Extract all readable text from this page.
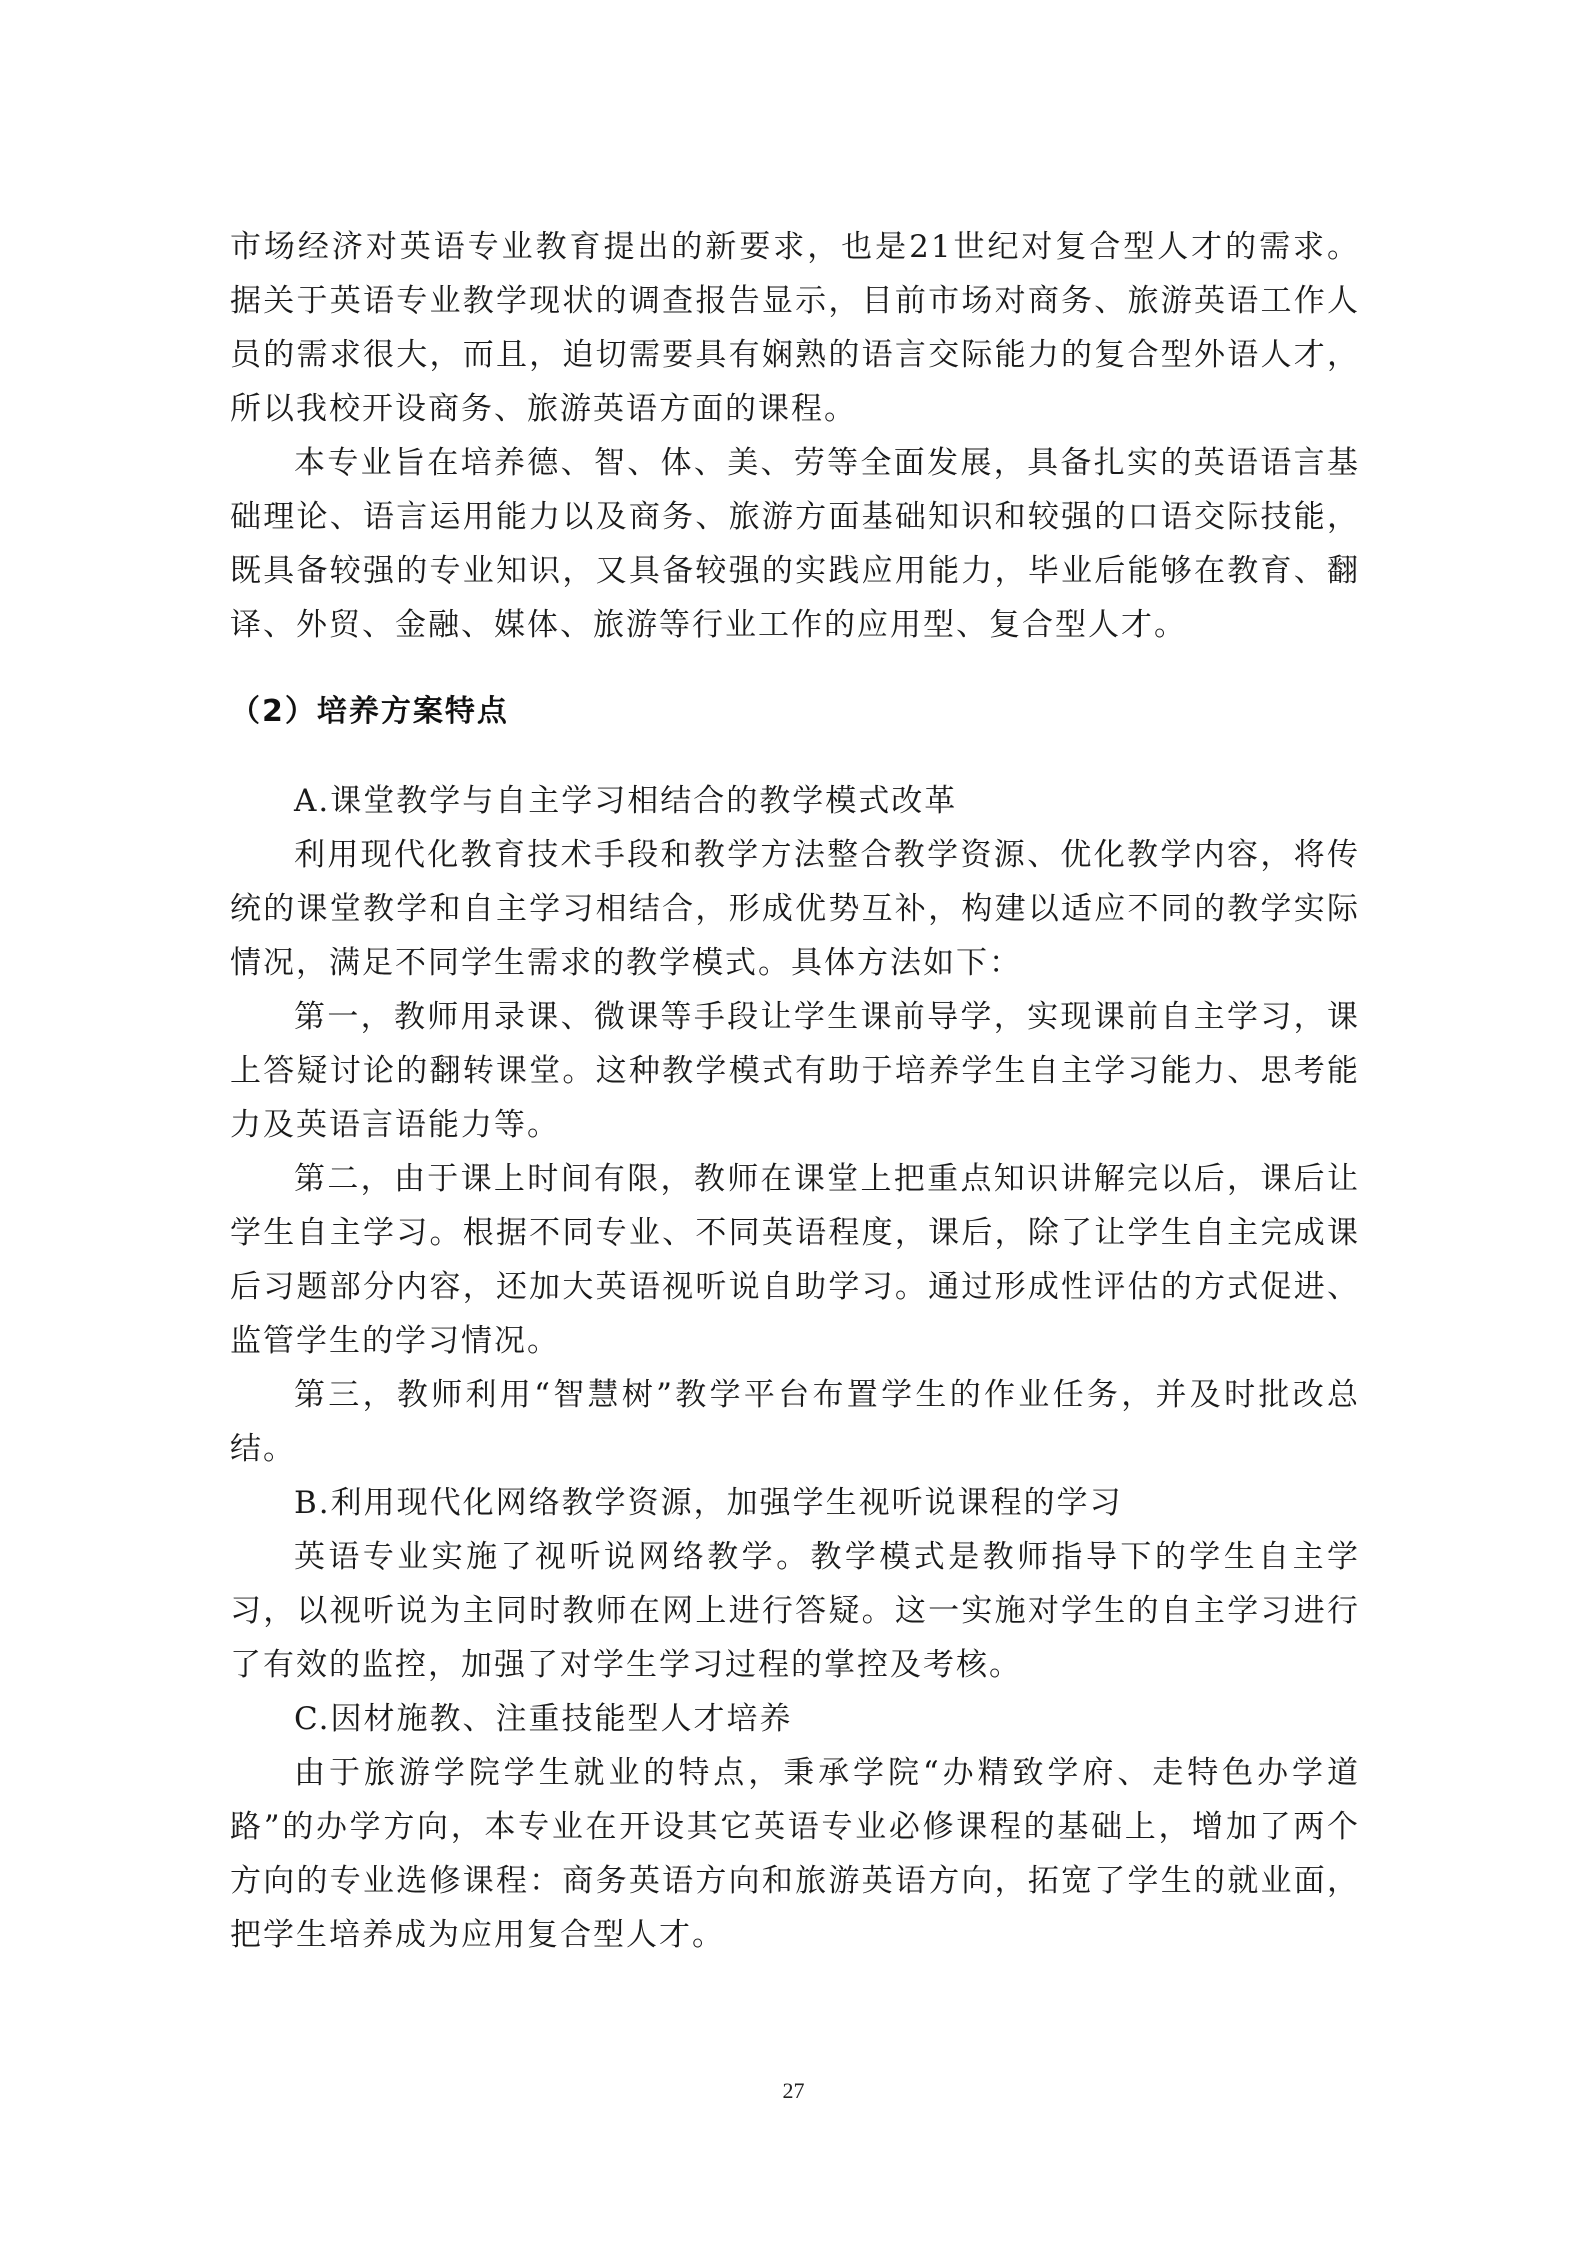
市场经济对英语专业教育提出的新要求，也是21世纪对复合型人才的需求。据关于英语专业教学现状的调查报告显示，目前市场对商务、旅游英语工作人员的需求很大，而且，迫切需要具有娴熟的语言交际能力的复合型外语人才，所以我校开设商务、旅游英语方面的课程。

本专业旨在培养德、智、体、美、劳等全面发展，具备扎实的英语语言基础理论、语言运用能力以及商务、旅游方面基础知识和较强的口语交际技能，既具备较强的专业知识，又具备较强的实践应用能力，毕业后能够在教育、翻译、外贸、金融、媒体、旅游等行业工作的应用型、复合型人才。

（2）培养方案特点

A.课堂教学与自主学习相结合的教学模式改革

利用现代化教育技术手段和教学方法整合教学资源、优化教学内容，将传统的课堂教学和自主学习相结合，形成优势互补，构建以适应不同的教学实际情况，满足不同学生需求的教学模式。具体方法如下：

第一，教师用录课、微课等手段让学生课前导学，实现课前自主学习，课上答疑讨论的翻转课堂。这种教学模式有助于培养学生自主学习能力、思考能力及英语言语能力等。

第二，由于课上时间有限，教师在课堂上把重点知识讲解完以后，课后让学生自主学习。根据不同专业、不同英语程度，课后，除了让学生自主完成课后习题部分内容，还加大英语视听说自助学习。通过形成性评估的方式促进、监管学生的学习情况。

第三，教师利用“智慧树”教学平台布置学生的作业任务，并及时批改总结。

B.利用现代化网络教学资源，加强学生视听说课程的学习

英语专业实施了视听说网络教学。教学模式是教师指导下的学生自主学习，以视听说为主同时教师在网上进行答疑。这一实施对学生的自主学习进行了有效的监控，加强了对学生学习过程的掌控及考核。

C.因材施教、注重技能型人才培养

由于旅游学院学生就业的特点，秉承学院“办精致学府、走特色办学道路”的办学方向，本专业在开设其它英语专业必修课程的基础上，增加了两个方向的专业选修课程：商务英语方向和旅游英语方向，拓宽了学生的就业面，把学生培养成为应用复合型人才。

27
